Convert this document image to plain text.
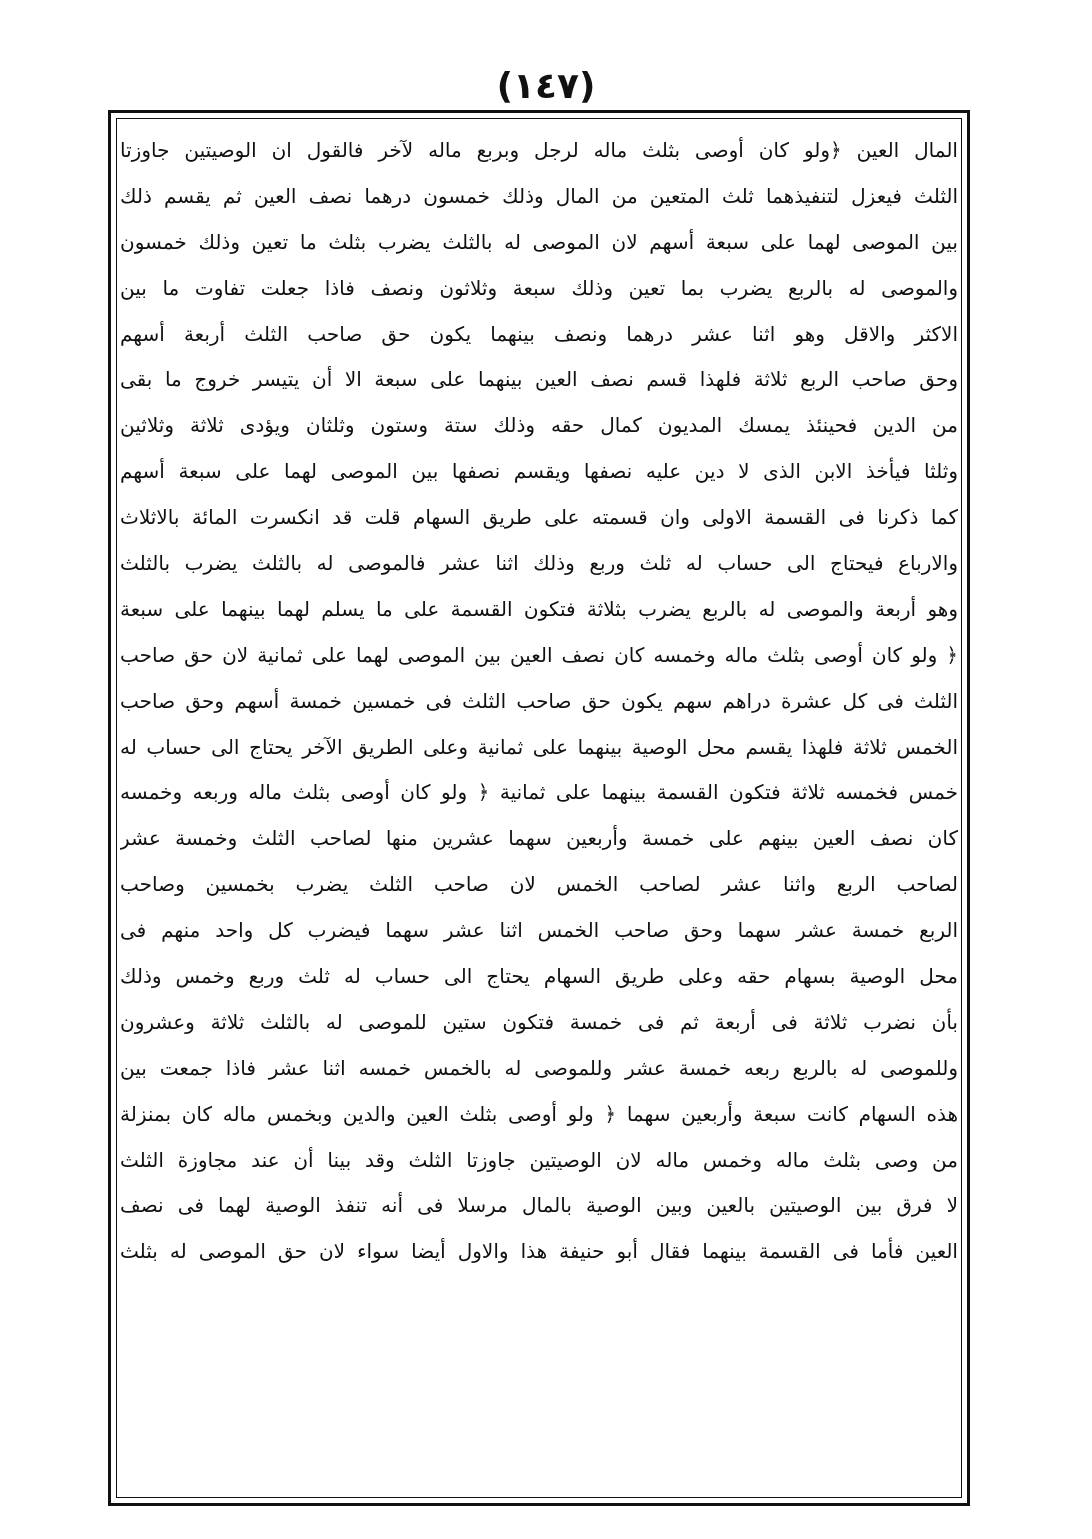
(١٤٧)
المال العين ﴿ولو كان أوصى بثلث ماله لرجل وبربع ماله لآخر فالقول ان الوصيتين جاوزتا
الثلث فيعزل لتنفيذهما ثلث المتعين من المال وذلك خمسون درهما نصف العين ثم يقسم ذلك
بين الموصى لهما على سبعة أسهم لان الموصى له بالثلث يضرب بثلث ما تعين وذلك خمسون
والموصى له بالربع يضرب بما تعين وذلك سبعة وثلاثون ونصف فاذا جعلت تفاوت ما بين
الاكثر والاقل وهو اثنا عشر درهما ونصف بينهما يكون حق صاحب الثلث أربعة أسهم
وحق صاحب الربع ثلاثة فلهذا قسم نصف العين بينهما على سبعة الا أن يتيسر خروج ما بقى
من الدين فحينئذ يمسك المديون كمال حقه وذلك ستة وستون وثلثان ويؤدى ثلاثة وثلاثين
وثلثا فيأخذ الابن الذى لا دين عليه نصفها ويقسم نصفها بين الموصى لهما على سبعة أسهم
كما ذكرنا فى القسمة الاولى وان قسمته على طريق السهام قلت قد انكسرت المائة بالاثلاث
والارباع فيحتاج الى حساب له ثلث وربع وذلك اثنا عشر فالموصى له بالثلث يضرب بالثلث
وهو أربعة والموصى له بالربع يضرب بثلاثة فتكون القسمة على ما يسلم لهما بينهما على سبعة
﴿ ولو كان أوصى بثلث ماله وخمسه كان نصف العين بين الموصى لهما على ثمانية لان حق صاحب
الثلث فى كل عشرة دراهم سهم يكون حق صاحب الثلث فى خمسين خمسة أسهم وحق صاحب
الخمس ثلاثة فلهذا يقسم محل الوصية بينهما على ثمانية وعلى الطريق الآخر يحتاج الى حساب له
خمس فخمسه ثلاثة فتكون القسمة بينهما على ثمانية ﴿ ولو كان أوصى بثلث ماله وربعه وخمسه
كان نصف العين بينهم على خمسة وأربعين سهما عشرين منها لصاحب الثلث وخمسة عشر
لصاحب الربع واثنا عشر لصاحب الخمس لان صاحب الثلث يضرب بخمسين وصاحب
الربع خمسة عشر سهما وحق صاحب الخمس اثنا عشر سهما فيضرب كل واحد منهم فى
محل الوصية بسهام حقه وعلى طريق السهام يحتاج الى حساب له ثلث وربع وخمس وذلك
بأن نضرب ثلاثة فى أربعة ثم فى خمسة فتكون ستين للموصى له بالثلث ثلاثة وعشرون
وللموصى له بالربع ربعه خمسة عشر وللموصى له بالخمس خمسه اثنا عشر فاذا جمعت بين
هذه السهام كانت سبعة وأربعين سهما ﴿ ولو أوصى بثلث العين والدين وبخمس ماله كان بمنزلة
من وصى بثلث ماله وخمس ماله لان الوصيتين جاوزتا الثلث وقد بينا أن عند مجاوزة الثلث
لا فرق بين الوصيتين بالعين وبين الوصية بالمال مرسلا فى أنه تنفذ الوصية لهما فى نصف
العين فأما فى القسمة بينهما فقال أبو حنيفة هذا والاول أيضا سواء لان حق الموصى له بثلث
